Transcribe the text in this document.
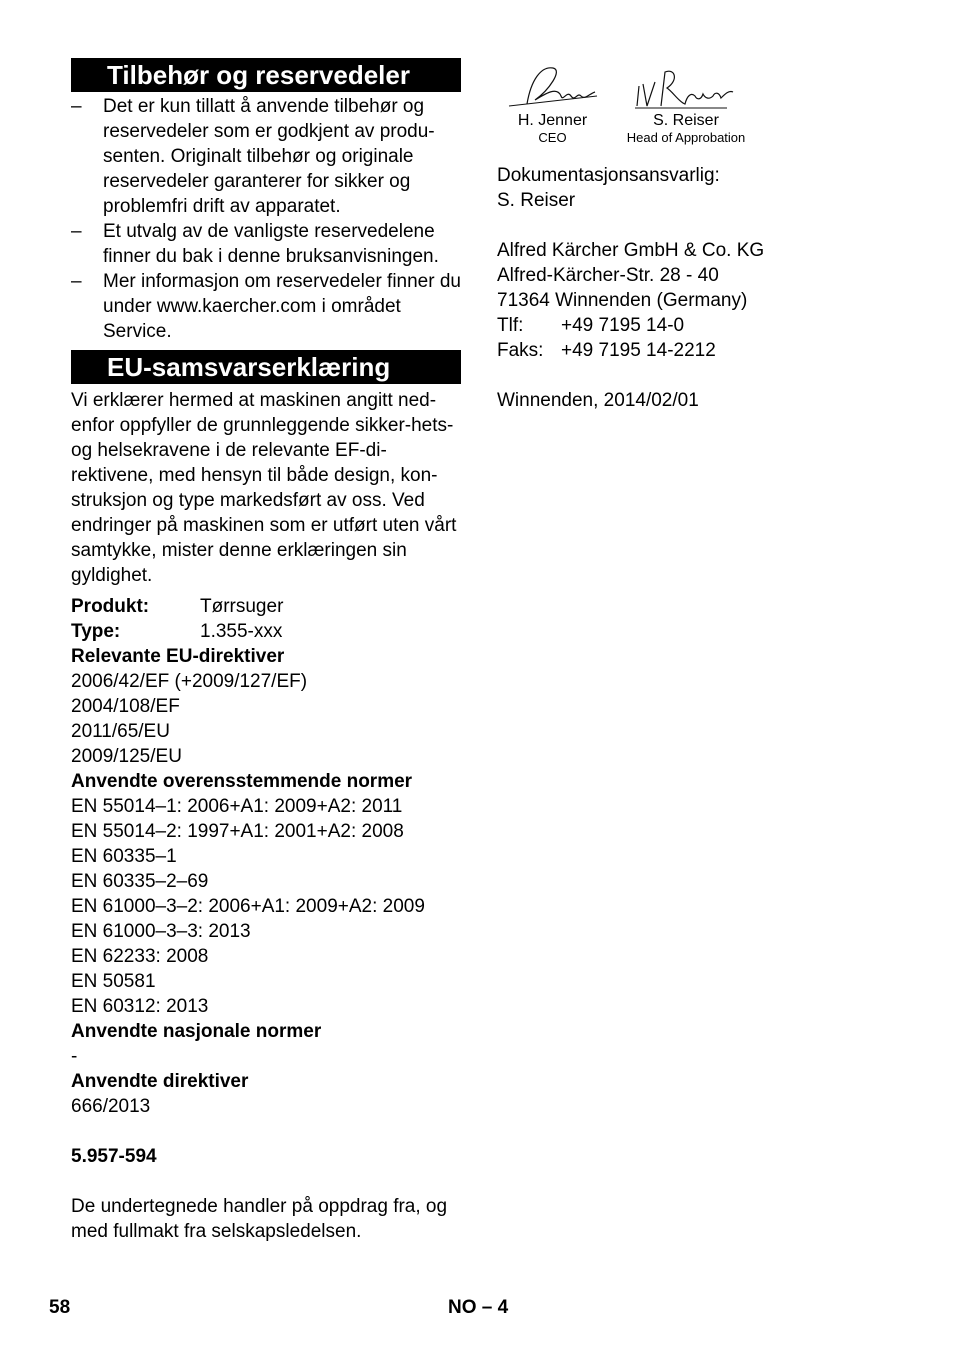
Tilbehør og reservedeler
– Det er kun tillatt å anvende tilbehør og reservedeler som er godkjent av produ-senten. Originalt tilbehør og originale reservedeler garanterer for sikker og problemfri drift av apparatet.
– Et utvalg av de vanligste reservedelene finner du bak i denne bruksanvisningen.
– Mer informasjon om reservedeler finner du under www.kaercher.com i området Service.
EU-samsvarserklæring
Vi erklærer hermed at maskinen angitt ned-enfor oppfyller de grunnleggende sikker-hets- og helsekravene i de relevante EF-di-rektivene, med hensyn til både design, kon-struksjon og type markedsført av oss. Ved endringer på maskinen som er utført uten vårt samtykke, mister denne erklæringen sin gyldighet.
Produkt:	Tørrsuger
Type:	1.355-xxx
Relevante EU-direktiver
2006/42/EF (+2009/127/EF)
2004/108/EF
2011/65/EU
2009/125/EU
Anvendte overensstemmende normer
EN 55014–1: 2006+A1: 2009+A2: 2011
EN 55014–2: 1997+A1: 2001+A2: 2008
EN 60335–1
EN 60335–2–69
EN 61000–3–2: 2006+A1: 2009+A2: 2009
EN 61000–3–3: 2013
EN 62233: 2008
EN 50581
EN 60312: 2013
Anvendte nasjonale normer
-
Anvendte direktiver
666/2013
5.957-594
De undertegnede handler på oppdrag fra, og med fullmakt fra selskapsledelsen.
H. Jenner
CEO
S. Reiser
Head of Approbation
Dokumentasjonsansvarlig:
S. Reiser
Alfred Kärcher GmbH & Co. KG
Alfred-Kärcher-Str. 28 - 40
71364 Winnenden (Germany)
Tlf:	+49 7195 14-0
Faks: +49 7195 14-2212
Winnenden, 2014/02/01
58	NO – 4
